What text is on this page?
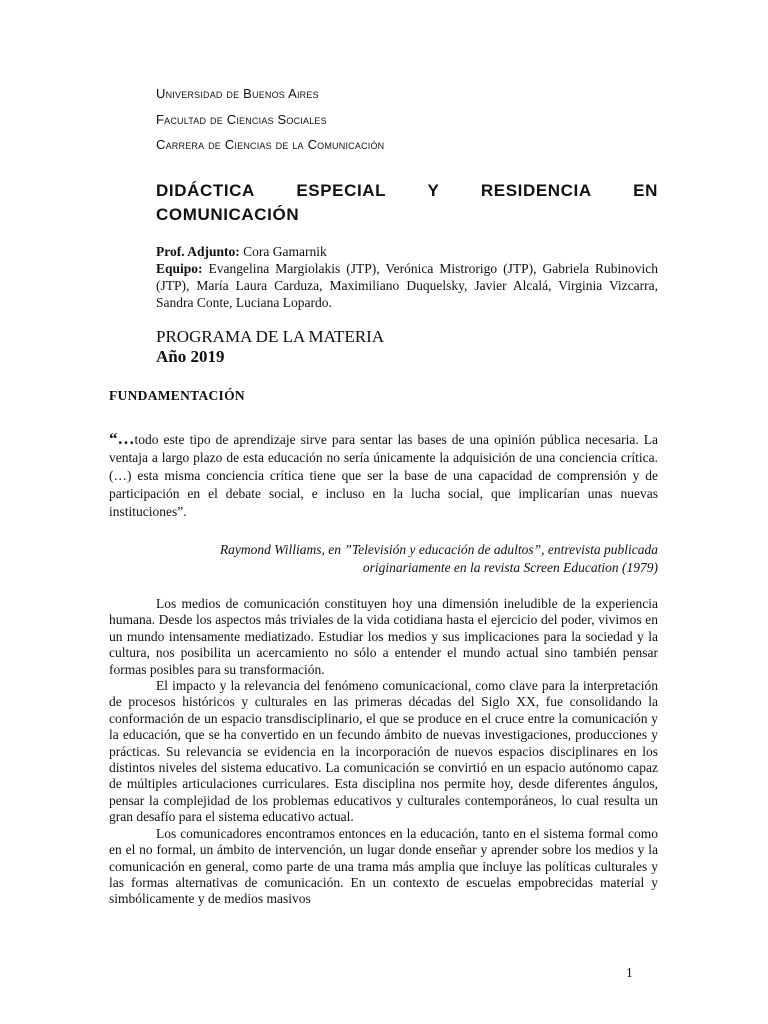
Universidad de Buenos Aires
Facultad de Ciencias Sociales
Carrera de Ciencias de la Comunicación
DIDÁCTICA ESPECIAL Y RESIDENCIA EN
COMUNICACIÓN
Prof. Adjunto: Cora Gamarnik
Equipo: Evangelina Margiolakis (JTP), Verónica Mistrorigo (JTP), Gabriela Rubinovich (JTP), María Laura Carduza, Maximiliano Duquelsky, Javier Alcalá, Virginia Vizcarra, Sandra Conte, Luciana Lopardo.
PROGRAMA DE LA MATERIA
Año 2019
FUNDAMENTACIÓN
“…todo este tipo de aprendizaje sirve para sentar las bases de una opinión pública necesaria. La ventaja a largo plazo de esta educación no sería únicamente la adquisición de una conciencia crítica. (…) esta misma conciencia crítica tiene que ser la base de una capacidad de comprensión y de participación en el debate social, e incluso en la lucha social, que implicarían unas nuevas instituciones”.
Raymond Williams, en ”Televisión y educación de adultos”, entrevista publicada
originariamente en la revista Screen Education (1979)

Los medios de comunicación constituyen hoy una dimensión ineludible de la experiencia humana. Desde los aspectos más triviales de la vida cotidiana hasta el ejercicio del poder, vivimos en un mundo intensamente mediatizado. Estudiar los medios y sus implicaciones para la sociedad y la cultura, nos posibilita un acercamiento no sólo a entender el mundo actual sino también pensar formas posibles para su transformación.

El impacto y la relevancia del fenómeno comunicacional, como clave para la interpretación de procesos históricos y culturales en las primeras décadas del Siglo XX, fue consolidando la conformación de un espacio transdisciplinario, el que se produce en el cruce entre la comunicación y la educación, que se ha convertido en un fecundo ámbito de nuevas investigaciones, producciones y prácticas. Su relevancia se evidencia en la incorporación de nuevos espacios disciplinares en los distintos niveles del sistema educativo. La comunicación se convirtió en un espacio autónomo capaz de múltiples articulaciones curriculares. Esta disciplina nos permite hoy, desde diferentes ángulos, pensar la complejidad de los problemas educativos y culturales contemporáneos, lo cual resulta un gran desafío para el sistema educativo actual.

Los comunicadores encontramos entonces en la educación, tanto en el sistema formal como en el no formal, un ámbito de intervención, un lugar donde enseñar y aprender sobre los medios y la comunicación en general, como parte de una trama más amplia que incluye las políticas culturales y las formas alternativas de comunicación. En un contexto de escuelas empobrecidas material y simbólicamente y de medios masivos

1
